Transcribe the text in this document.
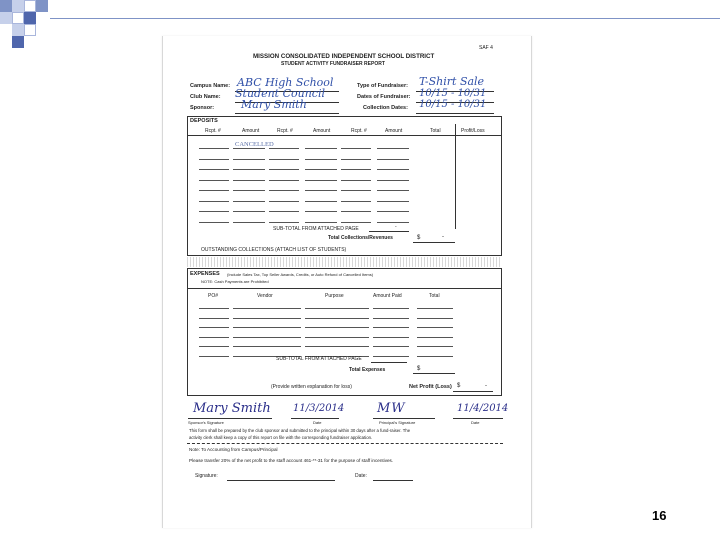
SAF 4
MISSION CONSOLIDATED INDEPENDENT SCHOOL DISTRICT
STUDENT ACTIVITY FUNDRAISER REPORT
Campus Name: ABC High School
Club Name: Student Council
Sponsor: Mary Smith
Type of Fundraiser: T-Shirt Sale
Dates of Fundraiser: 10/15 - 10/31
Collection Dates: 10/15 - 10/31
DEPOSITS
Rcpt. #	Amount	Rcpt. #	Amount	Rcpt. #	Amount	Total	Profit/Loss
CANCELLED
SUB-TOTAL FROM ATTACHED PAGE	-
Total Collections/Revenues	$	-
OUTSTANDING COLLECTIONS (ATTACH LIST OF STUDENTS)
EXPENSES (Include Sales Tax, Top Seller Awards, Credits, or Auto Refund of Cancelled Items)
NOTE: Cash Payments are Prohibited
PO#	Vendor	Purpose	Amount Paid	Total
SUB-TOTAL FROM ATTACHED PAGE
Total Expenses	$
(Provide written explanation for loss)	Net Profit (Loss) $	-
Mary Smith 11/3/2014	MW	11/4/2014
Sponsor's Signature	Date	Principal's Signature	Date
This form shall be prepared by the club sponsor and submitted to the principal within 30 days after a fund-raiser. The
activity clerk shall keep a copy of this report on file with the corresponding fundraiser application.
Note: To Accounting from Campus/Principal
Please transfer 20% of the net profit to the staff account 461-**-31 for the purpose of staff incentives.
Signature:	Date:
16
